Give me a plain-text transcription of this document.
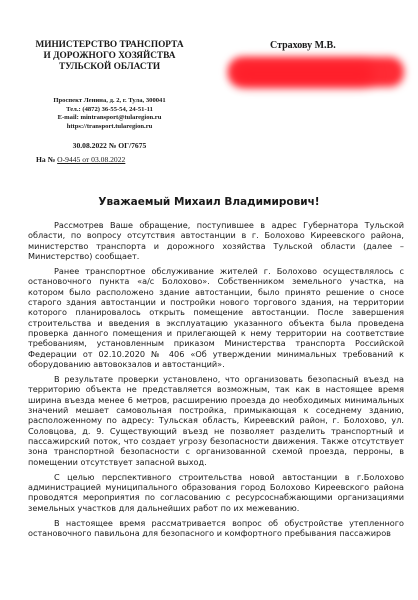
МИНИСТЕРСТВО ТРАНСПОРТА
И ДОРОЖНОГО ХОЗЯЙСТВА
ТУЛЬСКОЙ ОБЛАСТИ
Проспект Ленина, д. 2, г. Тула, 300041
Тел.: (4872) 36-55-54, 24-51-11
E-mail: mintransport@tularegion.ru
https://transport.tularegion.ru
30.08.2022 № ОГ/7675
На № О-9445 от 03.08.2022
Страхову М.В.
Уважаемый Михаил Владимирович!

Рассмотрев Ваше обращение, поступившее в адрес Губернатора Тульской области, по вопросу отсутствия автостанции в г. Болохово Киреевского района, министерство транспорта и дорожного хозяйства Тульской области (далее – Министерство) сообщает.

Ранее транспортное обслуживание жителей г. Болохово осуществлялось с остановочного пункта «а/с Болохово». Собственником земельного участка, на котором было расположено здание автостанции, было принято решение о сносе старого здания автостанции и постройки нового торгового здания, на территории которого планировалось открыть помещение автостанции. После завершения строительства и введения в эксплуатацию указанного объекта была проведена проверка данного помещения и прилегающей к нему территории на соответствие требованиям, установленным приказом Министерства транспорта Российской Федерации от 02.10.2020 № 406 «Об утверждении минимальных требований к оборудованию автовокзалов и автостанций».

В результате проверки установлено, что организовать безопасный въезд на территорию объекта не представляется возможным, так как в настоящее время ширина въезда менее 6 метров, расширению проезда до необходимых минимальных значений мешает самовольная постройка, примыкающая к соседнему зданию, расположенному по адресу: Тульская область, Киреевский район, г. Болохово, ул. Соловцова, д. 9. Существующий въезд не позволяет разделить транспортный и пассажирский поток, что создает угрозу безопасности движения. Также отсутствует зона транспортной безопасности с организованной схемой проезда, перроны, в помещении отсутствует запасной выход.

С целью перспективного строительства новой автостанции в г.Болохово администрацией муниципального образования город Болохово Киреевского района проводятся мероприятия по согласованию с ресурсоснабжающими организациями земельных участков для дальнейших работ по их межеванию.

В настоящее время рассматривается вопрос об обустройстве утепленного остановочного павильона для безопасного и комфортного пребывания пассажиров
